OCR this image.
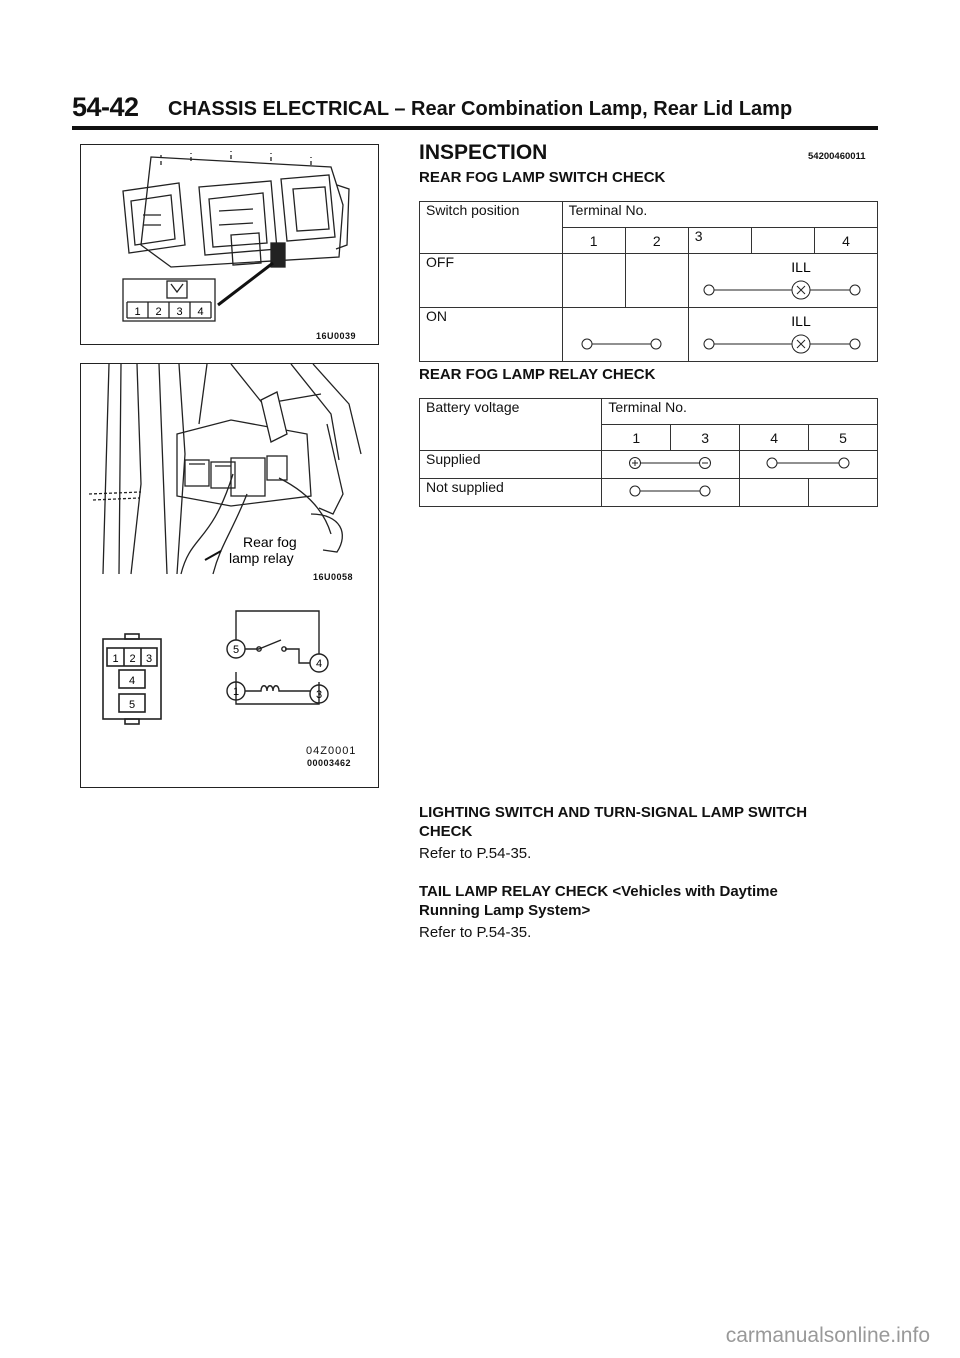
54-42 CHASSIS ELECTRICAL – Rear Combination Lamp, Rear Lid Lamp
1 2 3 4
16U0039
Rear fog
lamp relay
1 2 3
4
5
5
4
1	3
16U0058
04Z0001
00003462
INSPECTION	54200460011
REAR FOG LAMP SWITCH CHECK
Switch position	Terminal No.				
	1	2	3		4
OFF			ILL		

ON			ILL		
REAR FOG LAMP RELAY CHECK
Battery voltage	Terminal No.			
	1	3	4	5
Supplied		
Not supplied			
LIGHTING SWITCH AND TURN-SIGNAL LAMP SWITCH
CHECK
Refer to P.54-35.
TAIL LAMP RELAY CHECK <Vehicles with Daytime
Running Lamp System>
Refer to P.54-35.
carmanualsonline.info
